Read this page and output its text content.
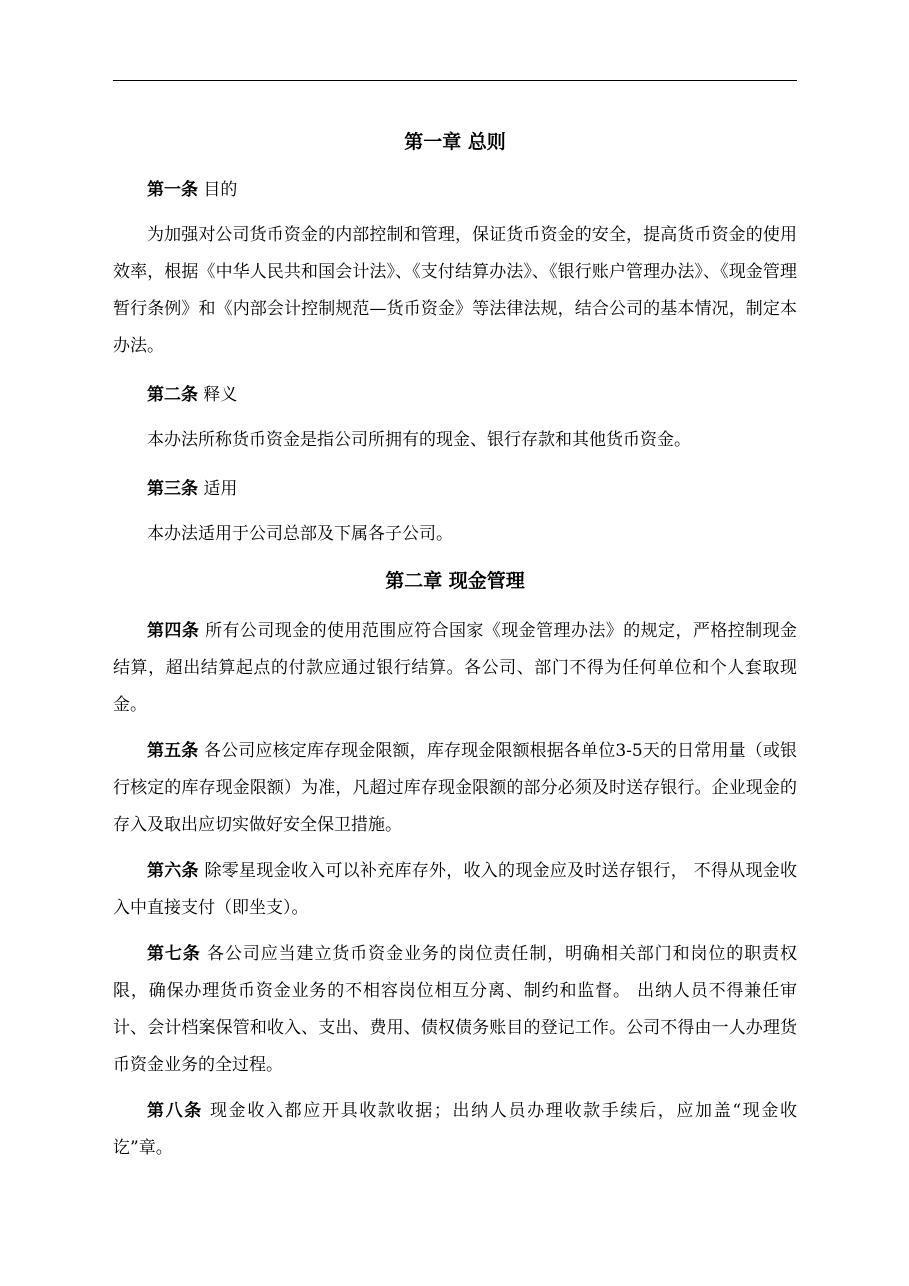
第一章 总则

第一条 目的

为加强对公司货币资金的内部控制和管理，保证货币资金的安全，提高货币资金的使用效率，根据《中华人民共和国会计法》、《支付结算办法》、《银行账户管理办法》、《现金管理暂行条例》和《内部会计控制规范—货币资金》等法律法规，结合公司的基本情况，制定本办法。

第二条 释义

本办法所称货币资金是指公司所拥有的现金、银行存款和其他货币资金。

第三条 适用

本办法适用于公司总部及下属各子公司。

第二章 现金管理

第四条 所有公司现金的使用范围应符合国家《现金管理办法》的规定，严格控制现金结算，超出结算起点的付款应通过银行结算。各公司、部门不得为任何单位和个人套取现金。

第五条 各公司应核定库存现金限额，库存现金限额根据各单位3-5天的日常用量（或银行核定的库存现金限额）为准，凡超过库存现金限额的部分必须及时送存银行。企业现金的存入及取出应切实做好安全保卫措施。

第六条 除零星现金收入可以补充库存外，收入的现金应及时送存银行， 不得从现金收入中直接支付（即坐支）。

第七条 各公司应当建立货币资金业务的岗位责任制，明确相关部门和岗位的职责权限，确保办理货币资金业务的不相容岗位相互分离、制约和监督。 出纳人员不得兼任审计、会计档案保管和收入、支出、费用、债权债务账目的登记工作。公司不得由一人办理货币资金业务的全过程。

第八条 现金收入都应开具收款收据；出纳人员办理收款手续后，应加盖“现金收讫”章。
